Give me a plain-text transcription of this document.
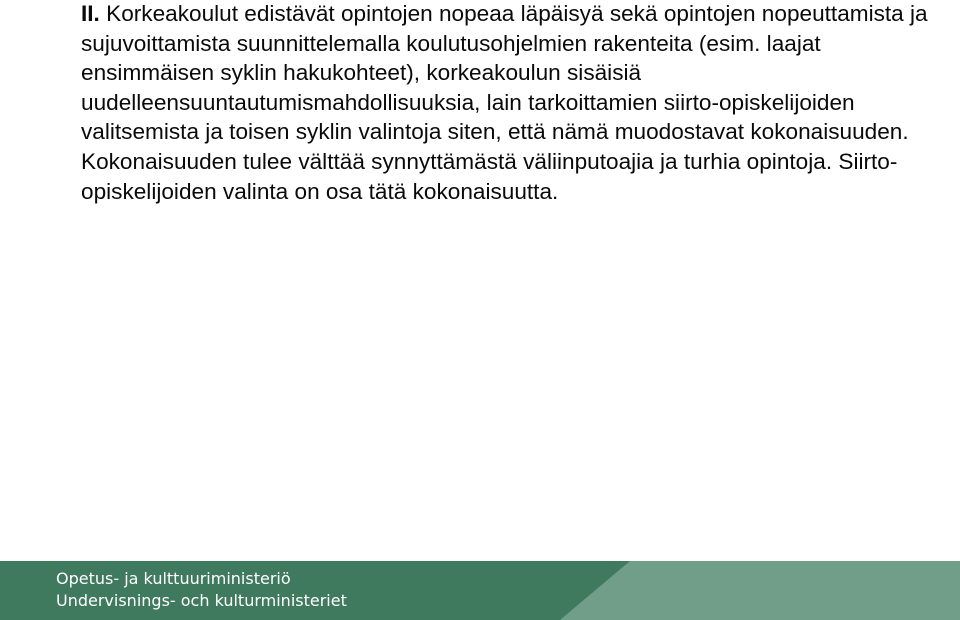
II. Korkeakoulut edistävät opintojen nopeaa läpäisyä sekä opintojen nopeuttamista ja sujuvoittamista suunnittelemalla koulutusohjelmien rakenteita (esim. laajat ensimmäisen syklin hakukohteet), korkeakoulun sisäisiä uudelleensuuntautumismahdollisuuksia, lain tarkoittamien siirto-opiskelijoiden valitsemista ja toisen syklin valintoja siten, että nämä muodostavat kokonaisuuden. Kokonaisuuden tulee välttää synnyttämästä väliinputoajia ja turhia opintoja. Siirto-opiskelijoiden valinta on osa tätä kokonaisuutta.
Opetus- ja kulttuuriministeriö
Undervisnings- och kulturministeriet
